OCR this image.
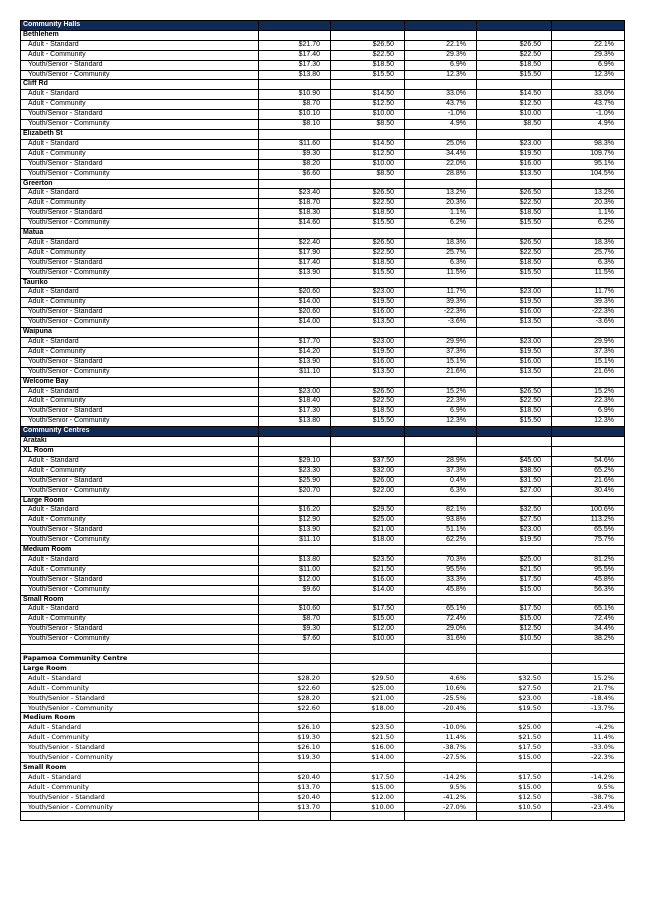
Community Halls					
Bethlehem					
Adult - Standard	$21.70	$26.50	22.1%	$26.50	22.1%
Adult - Community	$17.40	$22.50	29.3%	$22.50	29.3%
Youth/Senior - Standard	$17.30	$18.50	6.9%	$18.50	6.9%
Youth/Senior - Community	$13.80	$15.50	12.3%	$15.50	12.3%
Cliff Rd					
Adult - Standard	$10.90	$14.50	33.0%	$14.50	33.0%
Adult - Community	$8.70	$12.50	43.7%	$12.50	43.7%
Youth/Senior - Standard	$10.10	$10.00	-1.0%	$10.00	-1.0%
Youth/Senior - Community	$8.10	$8.50	4.9%	$8.50	4.9%
Elizabeth St					
Adult - Standard	$11.60	$14.50	25.0%	$23.00	98.3%
Adult - Community	$9.30	$12.50	34.4%	$19.50	109.7%
Youth/Senior - Standard	$8.20	$10.00	22.0%	$16.00	95.1%
Youth/Senior - Community	$6.60	$8.50	28.8%	$13.50	104.5%
Greerton					
Adult - Standard	$23.40	$26.50	13.2%	$26.50	13.2%
Adult - Community	$18.70	$22.50	20.3%	$22.50	20.3%
Youth/Senior - Standard	$18.30	$18.50	1.1%	$18.50	1.1%
Youth/Senior - Community	$14.60	$15.50	6.2%	$15.50	6.2%
Matua					
Adult - Standard	$22.40	$26.50	18.3%	$26.50	18.3%
Adult - Community	$17.90	$22.50	25.7%	$22.50	25.7%
Youth/Senior - Standard	$17.40	$18.50	6.3%	$18.50	6.3%
Youth/Senior - Community	$13.90	$15.50	11.5%	$15.50	11.5%
Tauriko					
Adult - Standard	$20.60	$23.00	11.7%	$23.00	11.7%
Adult - Community	$14.00	$19.50	39.3%	$19.50	39.3%
Youth/Senior - Standard	$20.60	$16.00	-22.3%	$16.00	-22.3%
Youth/Senior - Community	$14.00	$13.50	-3.6%	$13.50	-3.6%
Waipuna					
Adult - Standard	$17.70	$23.00	29.9%	$23.00	29.9%
Adult - Community	$14.20	$19.50	37.3%	$19.50	37.3%
Youth/Senior - Standard	$13.90	$16.00	15.1%	$16.00	15.1%
Youth/Senior - Community	$11.10	$13.50	21.6%	$13.50	21.6%
Welcome Bay					
Adult - Standard	$23.00	$26.50	15.2%	$26.50	15.2%
Adult - Community	$18.40	$22.50	22.3%	$22.50	22.3%
Youth/Senior - Standard	$17.30	$18.50	6.9%	$18.50	6.9%
Youth/Senior - Community	$13.80	$15.50	12.3%	$15.50	12.3%
Community Centres					
Arataki					
XL Room					
Adult - Standard	$29.10	$37.50	28.9%	$45.00	54.6%
Adult - Community	$23.30	$32.00	37.3%	$38.50	65.2%
Youth/Senior - Standard	$25.90	$26.00	0.4%	$31.50	21.6%
Youth/Senior - Community	$20.70	$22.00	6.3%	$27.00	30.4%
Large Room					
Adult - Standard	$16.20	$29.50	82.1%	$32.50	100.6%
Adult - Community	$12.90	$25.00	93.8%	$27.50	113.2%
Youth/Senior - Standard	$13.90	$21.00	51.1%	$23.00	65.5%
Youth/Senior - Community	$11.10	$18.00	62.2%	$19.50	75.7%
Medium Room					
Adult - Standard	$13.80	$23.50	70.3%	$25.00	81.2%
Adult - Community	$11.00	$21.50	95.5%	$21.50	95.5%
Youth/Senior - Standard	$12.00	$16.00	33.3%	$17.50	45.8%
Youth/Senior - Community	$9.60	$14.00	45.8%	$15.00	56.3%
Small Room					
Adult - Standard	$10.60	$17.50	65.1%	$17.50	65.1%
Adult - Community	$8.70	$15.00	72.4%	$15.00	72.4%
Youth/Senior - Standard	$9.30	$12.00	29.0%	$12.50	34.4%
Youth/Senior - Community	$7.60	$10.00	31.6%	$10.50	38.2%

Papamoa Community Centre					
Large Room					
Adult - Standard	$28.20	$29.50	4.6%	$32.50	15.2%
Adult - Community	$22.60	$25.00	10.6%	$27.50	21.7%
Youth/Senior - Standard	$28.20	$21.00	-25.5%	$23.00	-18.4%
Youth/Senior - Community	$22.60	$18.00	-20.4%	$19.50	-13.7%
Medium Room					
Adult - Standard	$26.10	$23.50	-10.0%	$25.00	-4.2%
Adult - Community	$19.30	$21.50	11.4%	$21.50	11.4%
Youth/Senior - Standard	$26.10	$16.00	-38.7%	$17.50	-33.0%
Youth/Senior - Community	$19.30	$14.00	-27.5%	$15.00	-22.3%
Small Room					
Adult - Standard	$20.40	$17.50	-14.2%	$17.50	-14.2%
Adult - Community	$13.70	$15.00	9.5%	$15.00	9.5%
Youth/Senior - Standard	$20.40	$12.00	-41.2%	$12.50	-38.7%
Youth/Senior - Community	$13.70	$10.00	-27.0%	$10.50	-23.4%
